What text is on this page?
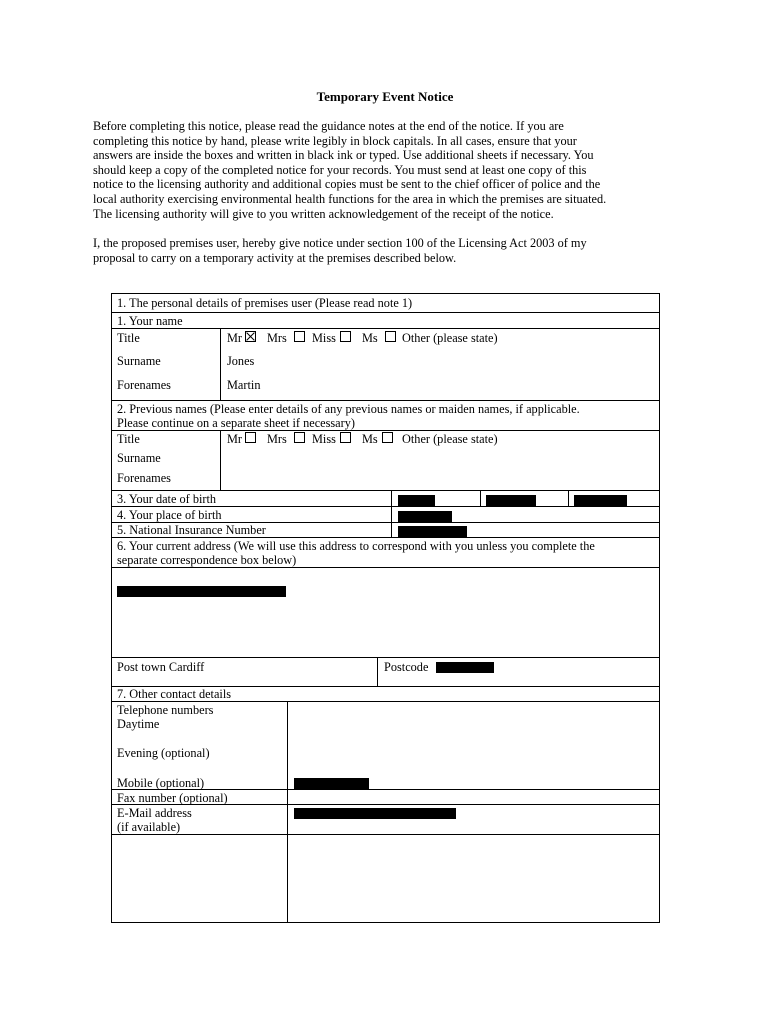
Temporary Event Notice

Before completing this notice, please read the guidance notes at the end of the notice. If you are

completing this notice by hand, please write legibly in block capitals. In all cases, ensure that your

answers are inside the boxes and written in black ink or typed. Use additional sheets if necessary. You

should keep a copy of the completed notice for your records. You must send at least one copy of this

notice to the licensing authority and additional copies must be sent to the chief officer of police and the

local authority exercising environmental health functions for the area in which the premises are situated.

The licensing authority will give to you written acknowledgement of the receipt of the notice.

I, the proposed premises user, hereby give notice under section 100 of the Licensing Act 2003 of my

proposal to carry on a temporary activity at the premises described below.

1. The personal details of premises user (Please read note 1)
1. Your name
Title	Mr Mrs Miss Ms Other (please state)
Surname	Jones
Forenames	Martin
2. Previous names (Please enter details of any previous names or maiden names, if applicable.
Please continue on a separate sheet if necessary)
Title	Mr Mrs Miss Ms Other (please state)
Surname
Forenames
3. Your date of birth
4. Your place of birth
5. National Insurance Number
6. Your current address (We will use this address to correspond with you unless you complete the
separate correspondence box below)
Post town Cardiff	Postcode
7. Other contact details
Telephone numbers
Daytime
Evening (optional)
Mobile (optional)
Fax number (optional)
E-Mail address
(if available)
